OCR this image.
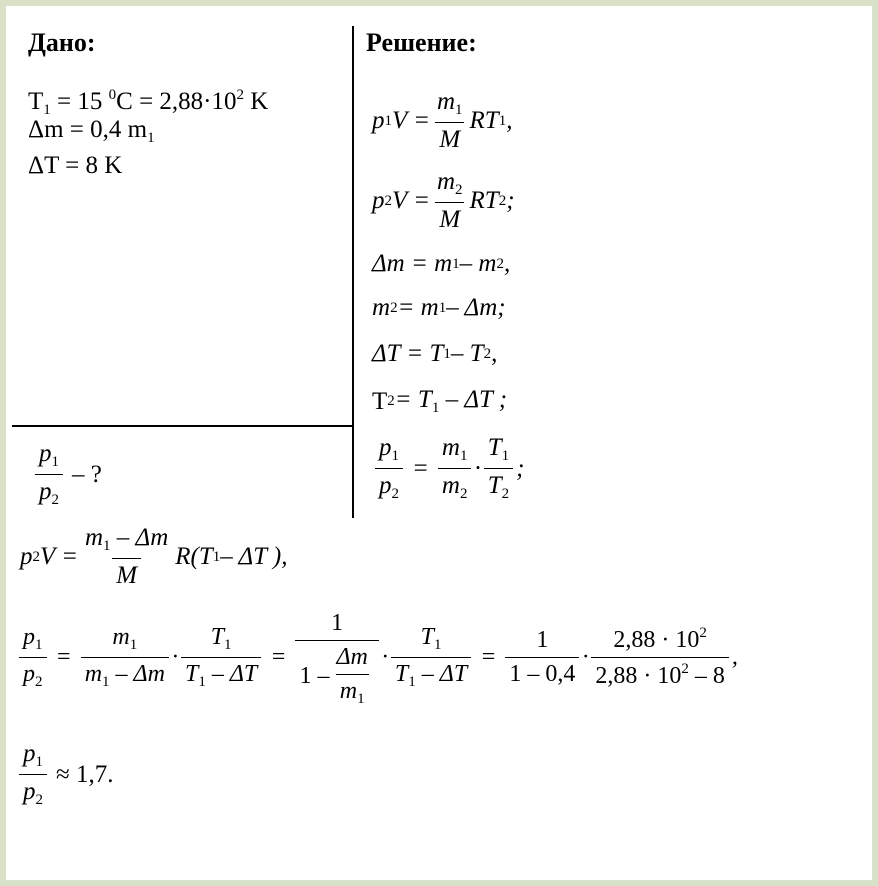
Дано:
$T_1 = 15$ $^0C = 2,88\cdot 10^2$ K
Δm = 0,4 $m_1$
ΔT = 8 K
$\frac{p_1}{p_2}$ – ?
Решение:
p 1 $V = \frac{m_1}{M}$ RT 1 ,
p 2 $V = \frac{m_2}{M}$ RT 2 ;
Δm = m 1 – m 2 ,
m 2 = m 1 – Δm;
ΔT = T 1 – T 2 ,
T $2 = T_1 - \Delta T$ ;
$\frac{p_1}{p_2} = \frac{m_1}{m_2} \cdot \frac{T_1}{T_2}$ ;
p 2 $V = \frac{m_1 - \Delta m}{M} R(T$ 1 – ΔT ),
$\frac{p_1}{p_2} = \frac{m_1}{m_1 - \Delta m} \cdot \frac{T_1}{T_1 - \Delta T} = \frac{1}{1 - \frac{\Delta m}{m_1}} \cdot \frac{T_1}{T_1 - \Delta T} = \frac{1}{1 - 0,4} \cdot \frac{2,88 \cdot 10^2}{2,88 \cdot 10^2 - 8}$ ,
$\frac{p_1}{p_2} \approx 1,7$.
